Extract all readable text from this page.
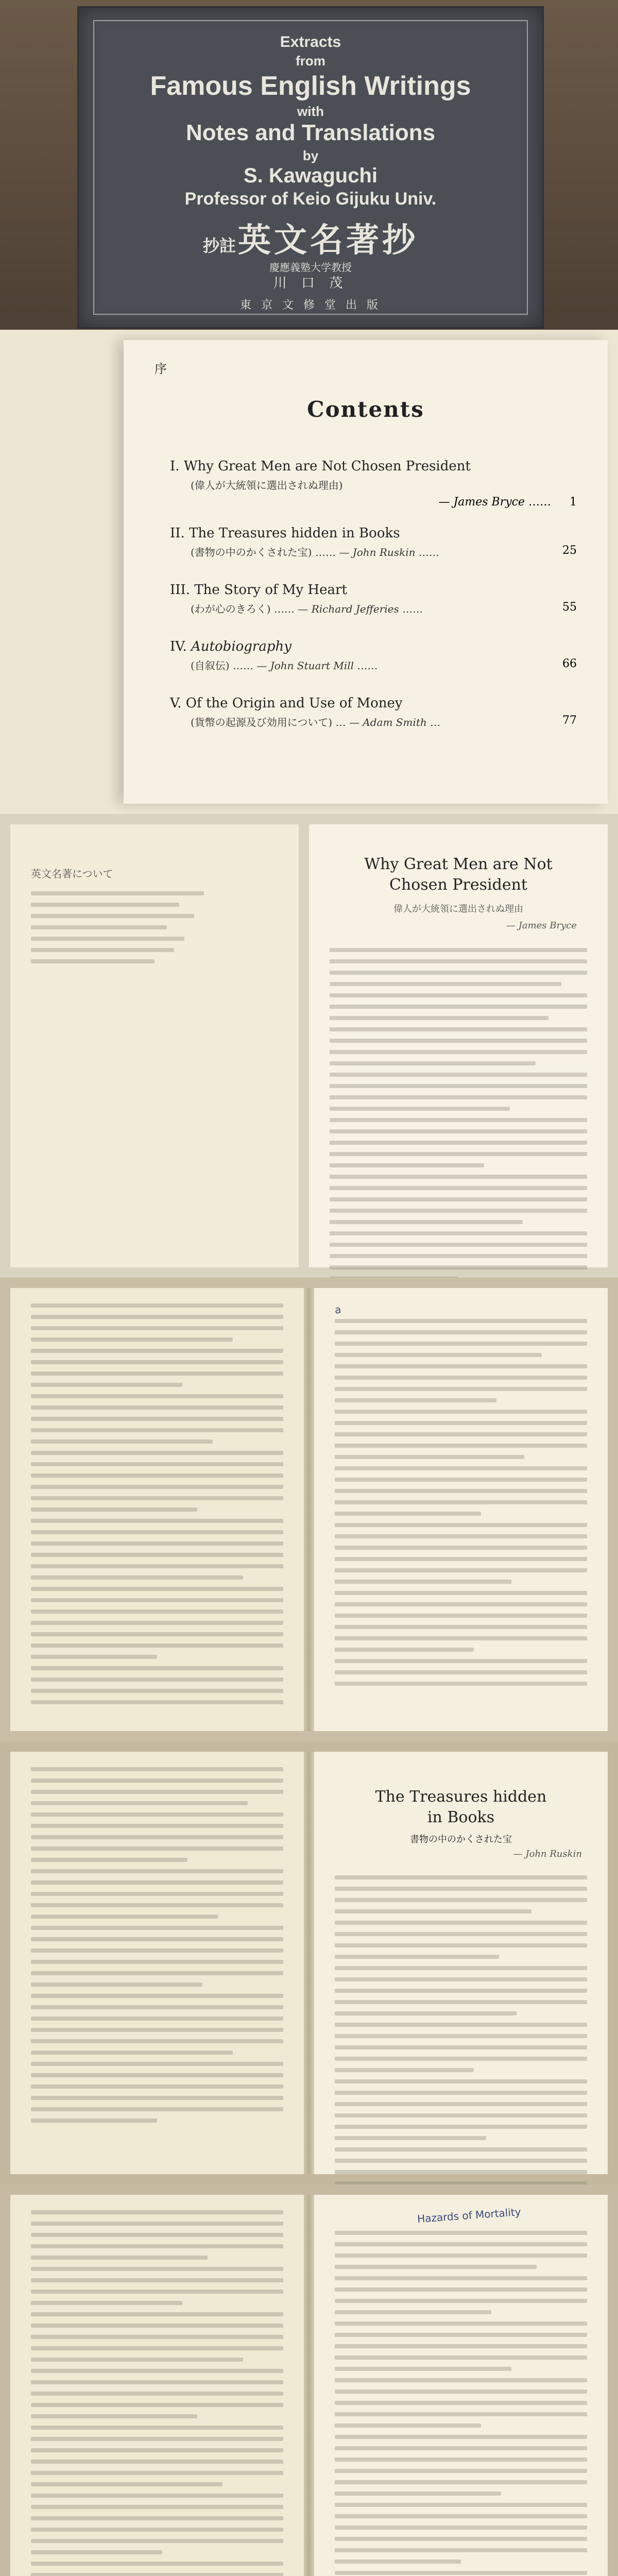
Extracts
from
Famous English Writings
with
Notes and Translations
by
S. Kawaguchi
Professor of Keio Gijuku Univ.
抄註 英文名著抄
慶應義塾大学教授
川 口 茂
東 京 文 修 堂 出 版
序
Contents
I. Why Great Men are Not Chosen President
(偉人が大統領に選出されぬ理由)
— James Bryce …… 1
II. The Treasures hidden in Books
(書物の中のかくされた宝) …… — John Ruskin ……	25
III. The Story of My Heart
(わが心のきろく) …… — Richard Jefferies ……	55
IV. Autobiography
(自叙伝) …… — John Stuart Mill ……	66
V. Of the Origin and Use of Money
(貨幣の起源及び効用について) … — Adam Smith …	77
英文名著について
Why Great Men are Not
Chosen President
偉人が大統領に選出されぬ理由
— James Bryce
a
The Treasures hidden
in Books
書物の中のかくされた宝
— John Ruskin
Hazards of Mortality
